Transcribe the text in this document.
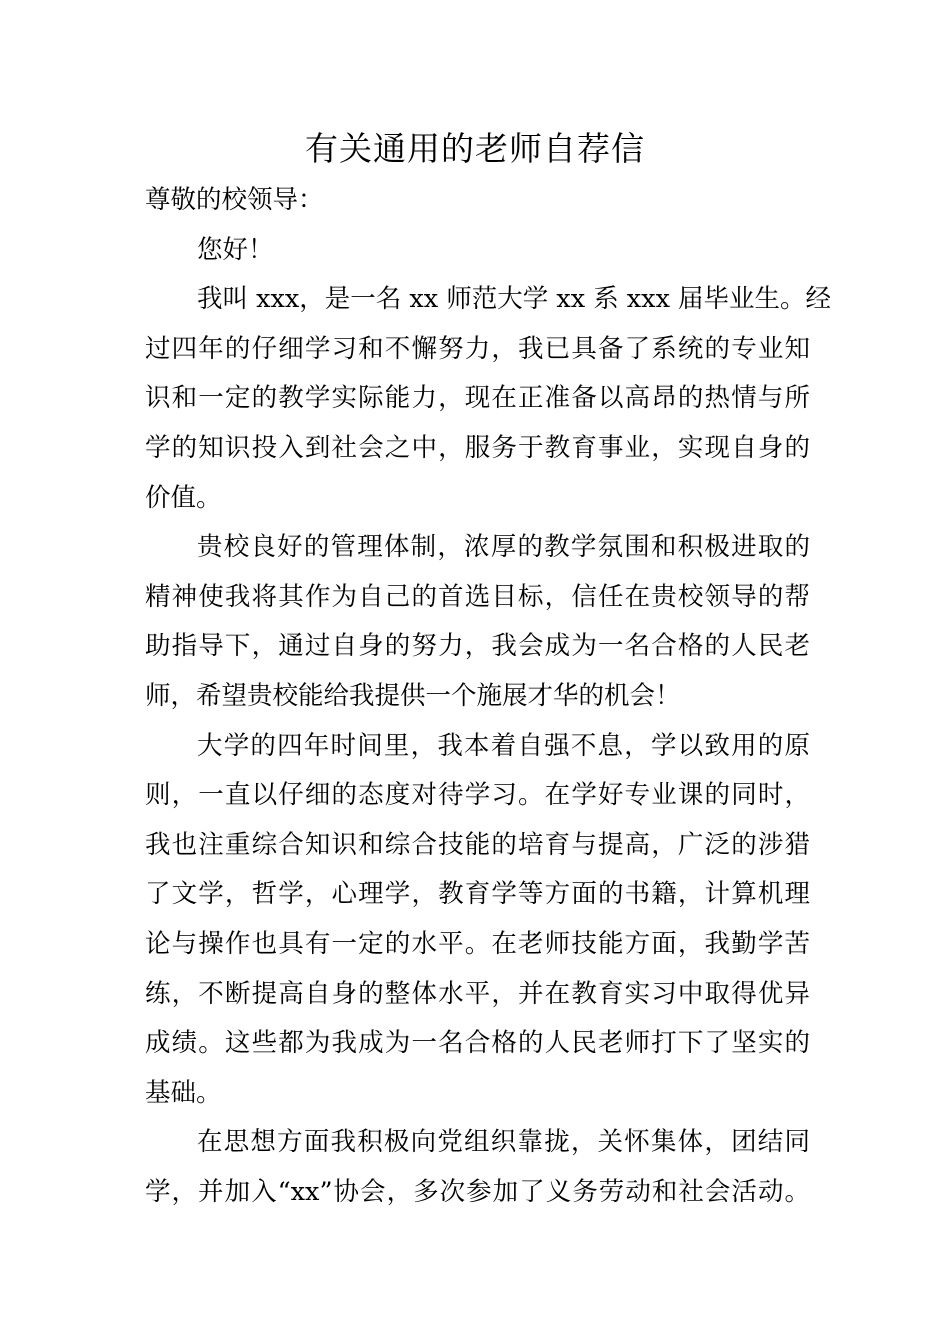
有关通用的老师自荐信
尊敬的校领导：
您好！
我叫 xxx，是一名 xx 师范大学 xx 系 xxx 届毕业生。经
过四年的仔细学习和不懈努力，我已具备了系统的专业知
识和一定的教学实际能力，现在正准备以高昂的热情与所
学的知识投入到社会之中，服务于教育事业，实现自身的
价值。
贵校良好的管理体制，浓厚的教学氛围和积极进取的
精神使我将其作为自己的首选目标，信任在贵校领导的帮
助指导下，通过自身的努力，我会成为一名合格的人民老
师，希望贵校能给我提供一个施展才华的机会！
大学的四年时间里，我本着自强不息，学以致用的原
则，一直以仔细的态度对待学习。在学好专业课的同时，
我也注重综合知识和综合技能的培育与提高，广泛的涉猎
了文学，哲学，心理学，教育学等方面的书籍，计算机理
论与操作也具有一定的水平。在老师技能方面，我勤学苦
练，不断提高自身的整体水平，并在教育实习中取得优异
成绩。这些都为我成为一名合格的人民老师打下了坚实的
基础。
在思想方面我积极向党组织靠拢，关怀集体，团结同
学，并加入“xx”协会，多次参加了义务劳动和社会活动。
